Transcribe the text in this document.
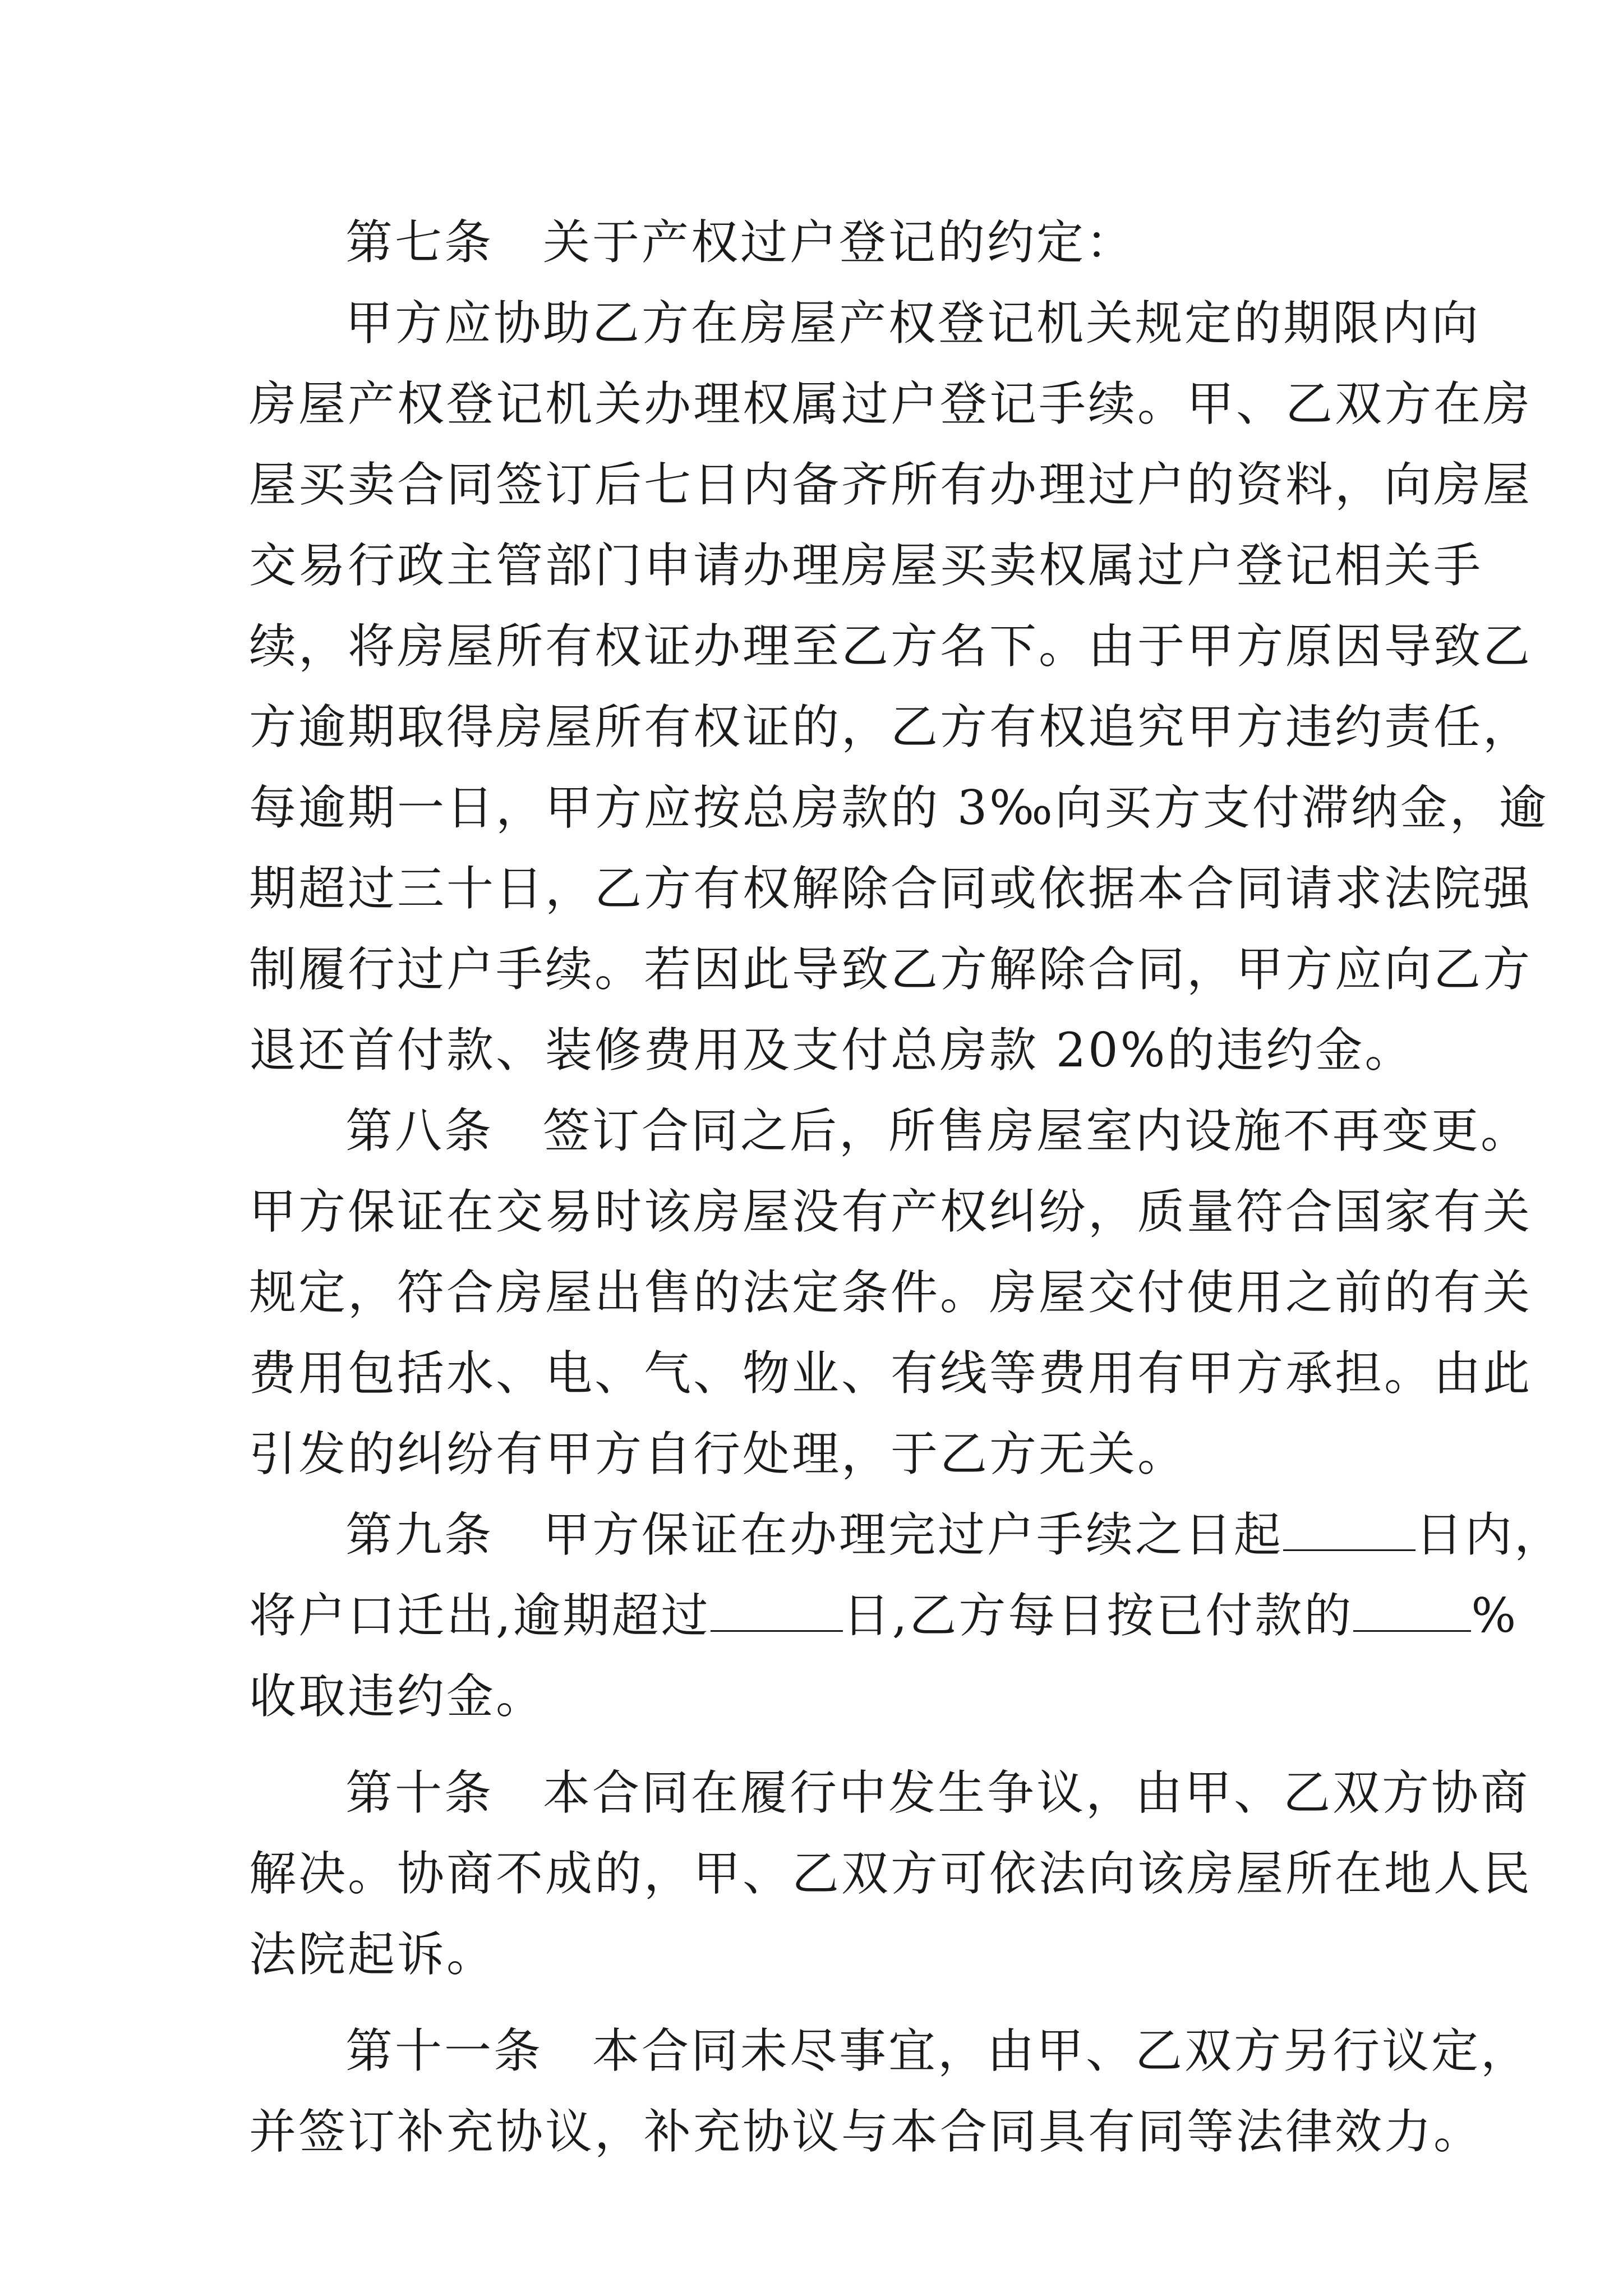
第七条　关于产权过户登记的约定：
甲方应协助乙方在房屋产权登记机关规定的期限内向
房屋产权登记机关办理权属过户登记手续。甲、乙双方在房
屋买卖合同签订后七日内备齐所有办理过户的资料，向房屋
交易行政主管部门申请办理房屋买卖权属过户登记相关手
续，将房屋所有权证办理至乙方名下。由于甲方原因导致乙
方逾期取得房屋所有权证的，乙方有权追究甲方违约责任，
每逾期一日，甲方应按总房款的 3‰向买方支付滞纳金，逾
期超过三十日，乙方有权解除合同或依据本合同请求法院强
制履行过户手续。若因此导致乙方解除合同，甲方应向乙方
退还首付款、装修费用及支付总房款 20%的违约金。
第八条　签订合同之后，所售房屋室内设施不再变更。
甲方保证在交易时该房屋没有产权纠纷，质量符合国家有关
规定，符合房屋出售的法定条件。房屋交付使用之前的有关
费用包括水、电、气、物业、有线等费用有甲方承担。由此
引发的纠纷有甲方自行处理，于乙方无关。
第九条　甲方保证在办理完过户手续之日起	日内，
将户口迁出,逾期超过	日,乙方每日按已付款的	%
收取违约金。
第十条　本合同在履行中发生争议，由甲、乙双方协商
解决。协商不成的，甲、乙双方可依法向该房屋所在地人民
法院起诉。
第十一条　本合同未尽事宜，由甲、乙双方另行议定，
并签订补充协议，补充协议与本合同具有同等法律效力。
